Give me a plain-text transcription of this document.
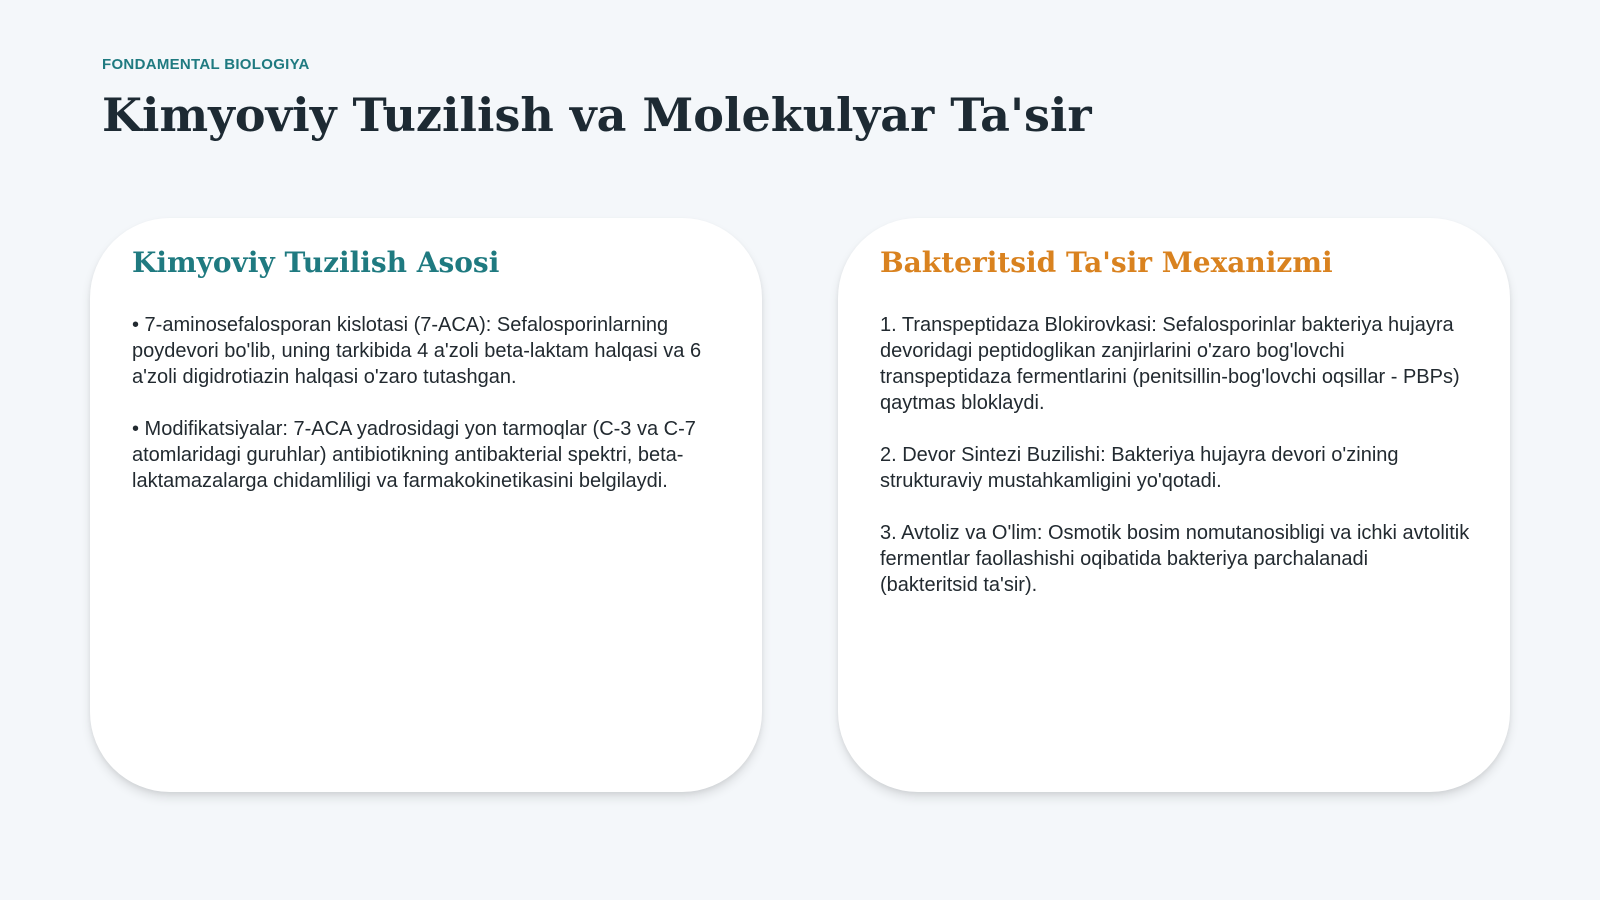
FONDAMENTAL BIOLOGIYA
Kimyoviy Tuzilish va Molekulyar Ta'sir
Kimyoviy Tuzilish Asosi

• 7-aminosefalosporan kislotasi (7-ACA): Sefalosporinlarning poydevori bo'lib, uning tarkibida 4 a'zoli beta-laktam halqasi va 6 a'zoli digidrotiazin halqasi o'zaro tutashgan.

• Modifikatsiyalar: 7-ACA yadrosidagi yon tarmoqlar (C-3 va C-7 atomlaridagi guruhlar) antibiotikning antibakterial spektri, beta-laktamazalarga chidamliligi va farmakokinetikasini belgilaydi.

Bakteritsid Ta'sir Mexanizmi

1. Transpeptidaza Blokirovkasi: Sefalosporinlar bakteriya hujayra devoridagi peptidoglikan zanjirlarini o'zaro bog'lovchi transpeptidaza fermentlarini (penitsillin-bog'lovchi oqsillar - PBPs) qaytmas bloklaydi.

2. Devor Sintezi Buzilishi: Bakteriya hujayra devori o'zining strukturaviy mustahkamligini yo'qotadi.

3. Avtoliz va O'lim: Osmotik bosim nomutanosibligi va ichki avtolitik fermentlar faollashishi oqibatida bakteriya parchalanadi (bakteritsid ta'sir).
